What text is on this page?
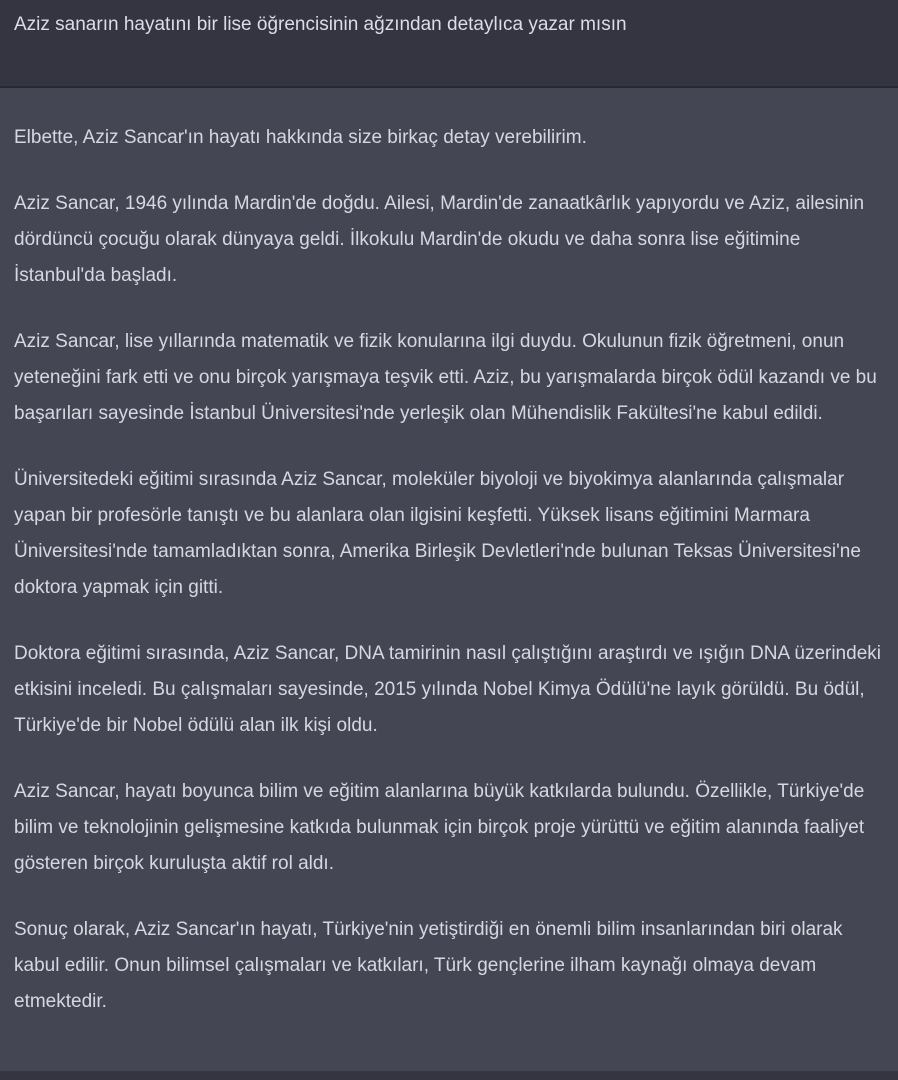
Aziz sanarın hayatını bir lise öğrencisinin ağzından detaylıca yazar mısın

Elbette, Aziz Sancar'ın hayatı hakkında size birkaç detay verebilirim.

Aziz Sancar, 1946 yılında Mardin'de doğdu. Ailesi, Mardin'de zanaatkârlık yapıyordu ve Aziz, ailesinin dördüncü çocuğu olarak dünyaya geldi. İlkokulu Mardin'de okudu ve daha sonra lise eğitimine İstanbul'da başladı.

Aziz Sancar, lise yıllarında matematik ve fizik konularına ilgi duydu. Okulunun fizik öğretmeni, onun yeteneğini fark etti ve onu birçok yarışmaya teşvik etti. Aziz, bu yarışmalarda birçok ödül kazandı ve bu başarıları sayesinde İstanbul Üniversitesi'nde yerleşik olan Mühendislik Fakültesi'ne kabul edildi.

Üniversitedeki eğitimi sırasında Aziz Sancar, moleküler biyoloji ve biyokimya alanlarında çalışmalar yapan bir profesörle tanıştı ve bu alanlara olan ilgisini keşfetti. Yüksek lisans eğitimini Marmara Üniversitesi'nde tamamladıktan sonra, Amerika Birleşik Devletleri'nde bulunan Teksas Üniversitesi'ne doktora yapmak için gitti.

Doktora eğitimi sırasında, Aziz Sancar, DNA tamirinin nasıl çalıştığını araştırdı ve ışığın DNA üzerindeki etkisini inceledi. Bu çalışmaları sayesinde, 2015 yılında Nobel Kimya Ödülü'ne layık görüldü. Bu ödül, Türkiye'de bir Nobel ödülü alan ilk kişi oldu.

Aziz Sancar, hayatı boyunca bilim ve eğitim alanlarına büyük katkılarda bulundu. Özellikle, Türkiye'de bilim ve teknolojinin gelişmesine katkıda bulunmak için birçok proje yürüttü ve eğitim alanında faaliyet gösteren birçok kuruluşta aktif rol aldı.

Sonuç olarak, Aziz Sancar'ın hayatı, Türkiye'nin yetiştirdiği en önemli bilim insanlarından biri olarak kabul edilir. Onun bilimsel çalışmaları ve katkıları, Türk gençlerine ilham kaynağı olmaya devam etmektedir.
